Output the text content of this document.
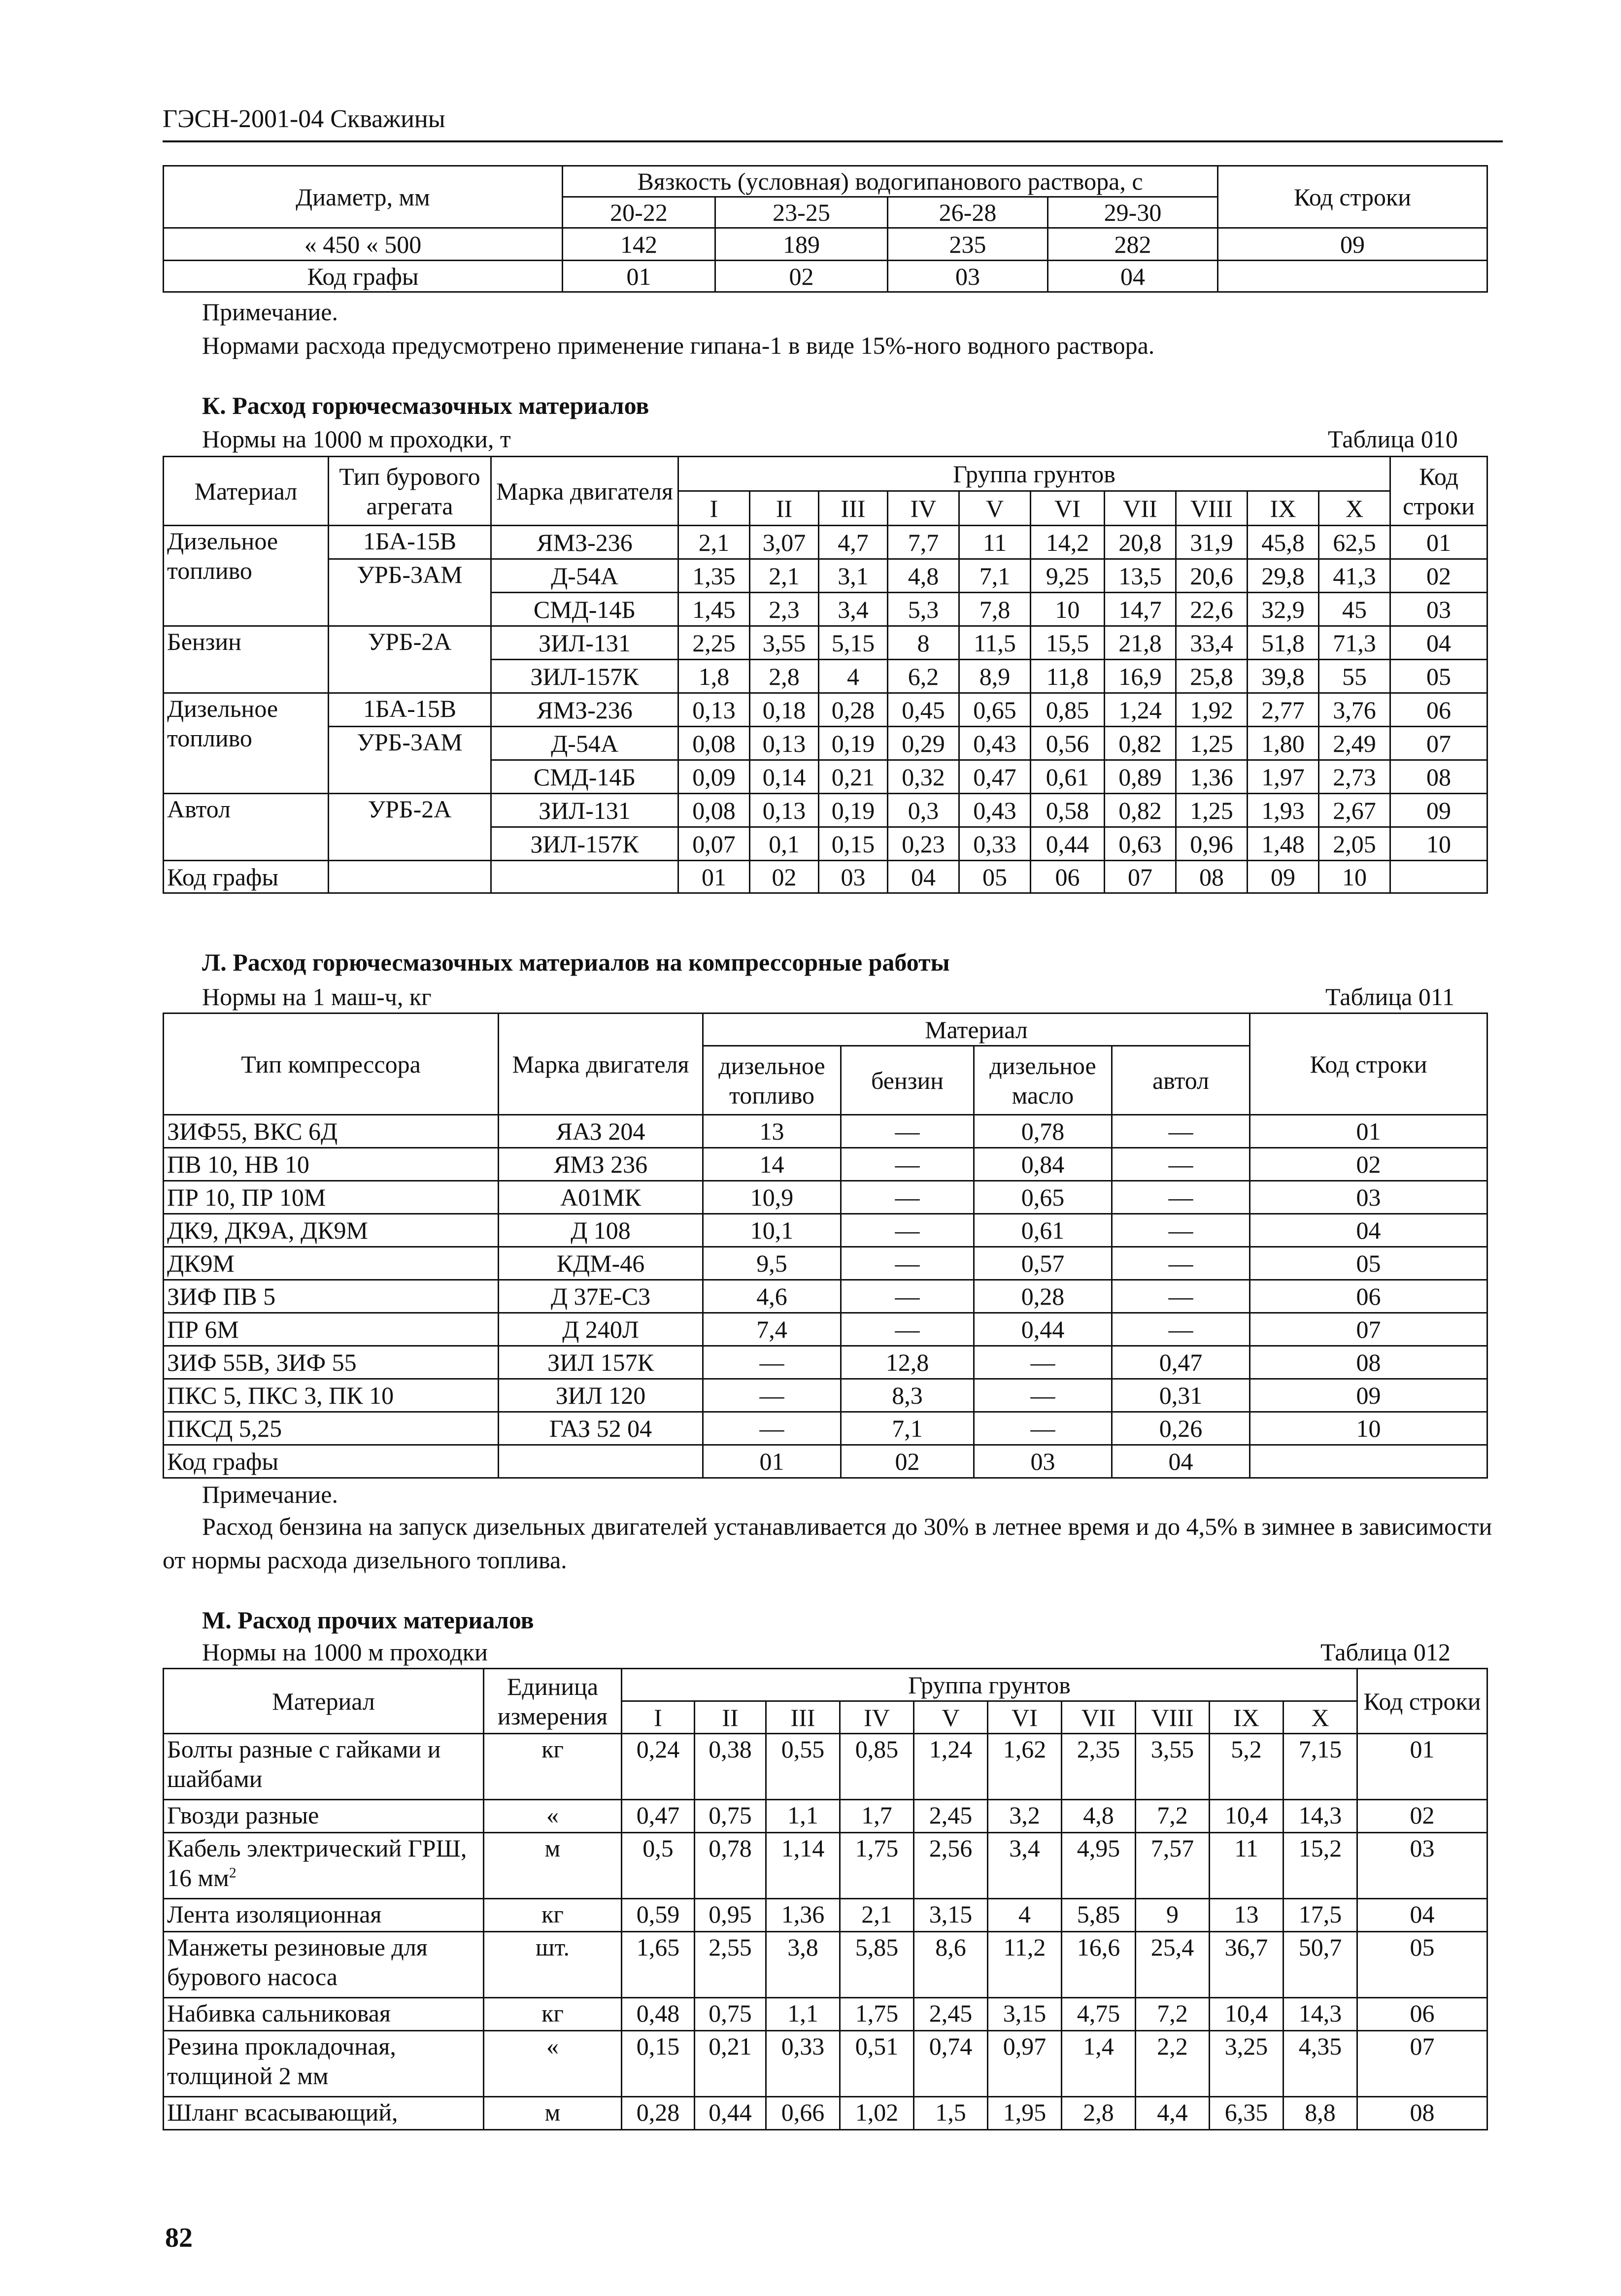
ГЭСН-2001-04 Скважины
Диаметр, мм	Вязкость (условная) водогипанового раствора, с				Код строки
	20-22	23-25	26-28	29-30	
« 450 « 500	142	189	235	282	09
Код графы	01	02	03	04	
Примечание.
Нормами расхода предусмотрено применение гипана-1 в виде 15%-ного водного раствора.
К. Расход горючесмазочных материалов
Нормы на 1000 м проходки, т	Таблица 010
Материал	Тип бурового агрегата	Марка двигателя	Группа грунтов										Код строки
			I	II	III	IV	V	VI	VII	VIII	IX	X	

Дизельное
топливо	1БА-15В	ЯМЗ-236	2,1	3,07	4,7	7,7	11	14,2	20,8	31,9	45,8	62,5	01

	УРБ-3АМ	Д-54А	1,35	2,1	3,1	4,8	7,1	9,25	13,5	20,6	29,8	41,3	02
		СМД-14Б	1,45	2,3	3,4	5,3	7,8	10	14,7	22,6	32,9	45	03

Бензин	УРБ-2А	ЗИЛ-131	2,25	3,55	5,15	8	11,5	15,5	21,8	33,4	51,8	71,3	04
		ЗИЛ-157К	1,8	2,8	4	6,2	8,9	11,8	16,9	25,8	39,8	55	05

Дизельное
топливо	1БА-15В	ЯМЗ-236	0,13	0,18	0,28	0,45	0,65	0,85	1,24	1,92	2,77	3,76	06

	УРБ-3АМ	Д-54А	0,08	0,13	0,19	0,29	0,43	0,56	0,82	1,25	1,80	2,49	07
		СМД-14Б	0,09	0,14	0,21	0,32	0,47	0,61	0,89	1,36	1,97	2,73	08

Автол	УРБ-2А	ЗИЛ-131	0,08	0,13	0,19	0,3	0,43	0,58	0,82	1,25	1,93	2,67	09
		ЗИЛ-157К	0,07	0,1	0,15	0,23	0,33	0,44	0,63	0,96	1,48	2,05	10
Код графы			01	02	03	04	05	06	07	08	09	10	
Л. Расход горючесмазочных материалов на компрессорные работы
Нормы на 1 маш-ч, кг	Таблица 011
Тип компрессора	Марка двигателя	Материал				Код строки
		дизельное топливо	бензин	дизельное масло	автол	
ЗИФ55, ВКС 6Д	ЯАЗ 204	13	—	0,78	—	01
ПВ 10, НВ 10	ЯМЗ 236	14	—	0,84	—	02
ПР 10, ПР 10М	А01МК	10,9	—	0,65	—	03
ДК9, ДК9А, ДК9М	Д 108	10,1	—	0,61	—	04
ДК9М	КДМ-46	9,5	—	0,57	—	05
ЗИФ ПВ 5	Д 37Е-С3	4,6	—	0,28	—	06
ПР 6М	Д 240Л	7,4	—	0,44	—	07
ЗИФ 55В, ЗИФ 55	ЗИЛ 157К	—	12,8	—	0,47	08
ПКС 5, ПКС 3, ПК 10	ЗИЛ 120	—	8,3	—	0,31	09
ПКСД 5,25	ГАЗ 52 04	—	7,1	—	0,26	10
Код графы		01	02	03	04	
Примечание.
Расход бензина на запуск дизельных двигателей устанавливается до 30% в летнее время и до 4,5% в зимнее в зависимости от нормы расхода дизельного топлива.
М. Расход прочих материалов
Нормы на 1000 м проходки	Таблица 012
Материал	Единица измерения	Группа грунтов										Код строки
		I	II	III	IV	V	VI	VII	VIII	IX	X	
Болты разные с гайками и шайбами	кг	0,24	0,38	0,55	0,85	1,24	1,62	2,35	3,55	5,2	7,15	01
Гвозди разные	«	0,47	0,75	1,1	1,7	2,45	3,2	4,8	7,2	10,4	14,3	02
Кабель электрический ГРШ, 16 $мм^2$	м	0,5	0,78	1,14	1,75	2,56	3,4	4,95	7,57	11	15,2	03
Лента изоляционная	кг	0,59	0,95	1,36	2,1	3,15	4	5,85	9	13	17,5	04
Манжеты резиновые для бурового насоса	шт.	1,65	2,55	3,8	5,85	8,6	11,2	16,6	25,4	36,7	50,7	05
Набивка сальниковая	кг	0,48	0,75	1,1	1,75	2,45	3,15	4,75	7,2	10,4	14,3	06
Резина прокладочная, толщиной 2 мм	«	0,15	0,21	0,33	0,51	0,74	0,97	1,4	2,2	3,25	4,35	07
Шланг всасывающий,	м	0,28	0,44	0,66	1,02	1,5	1,95	2,8	4,4	6,35	8,8	08
82
